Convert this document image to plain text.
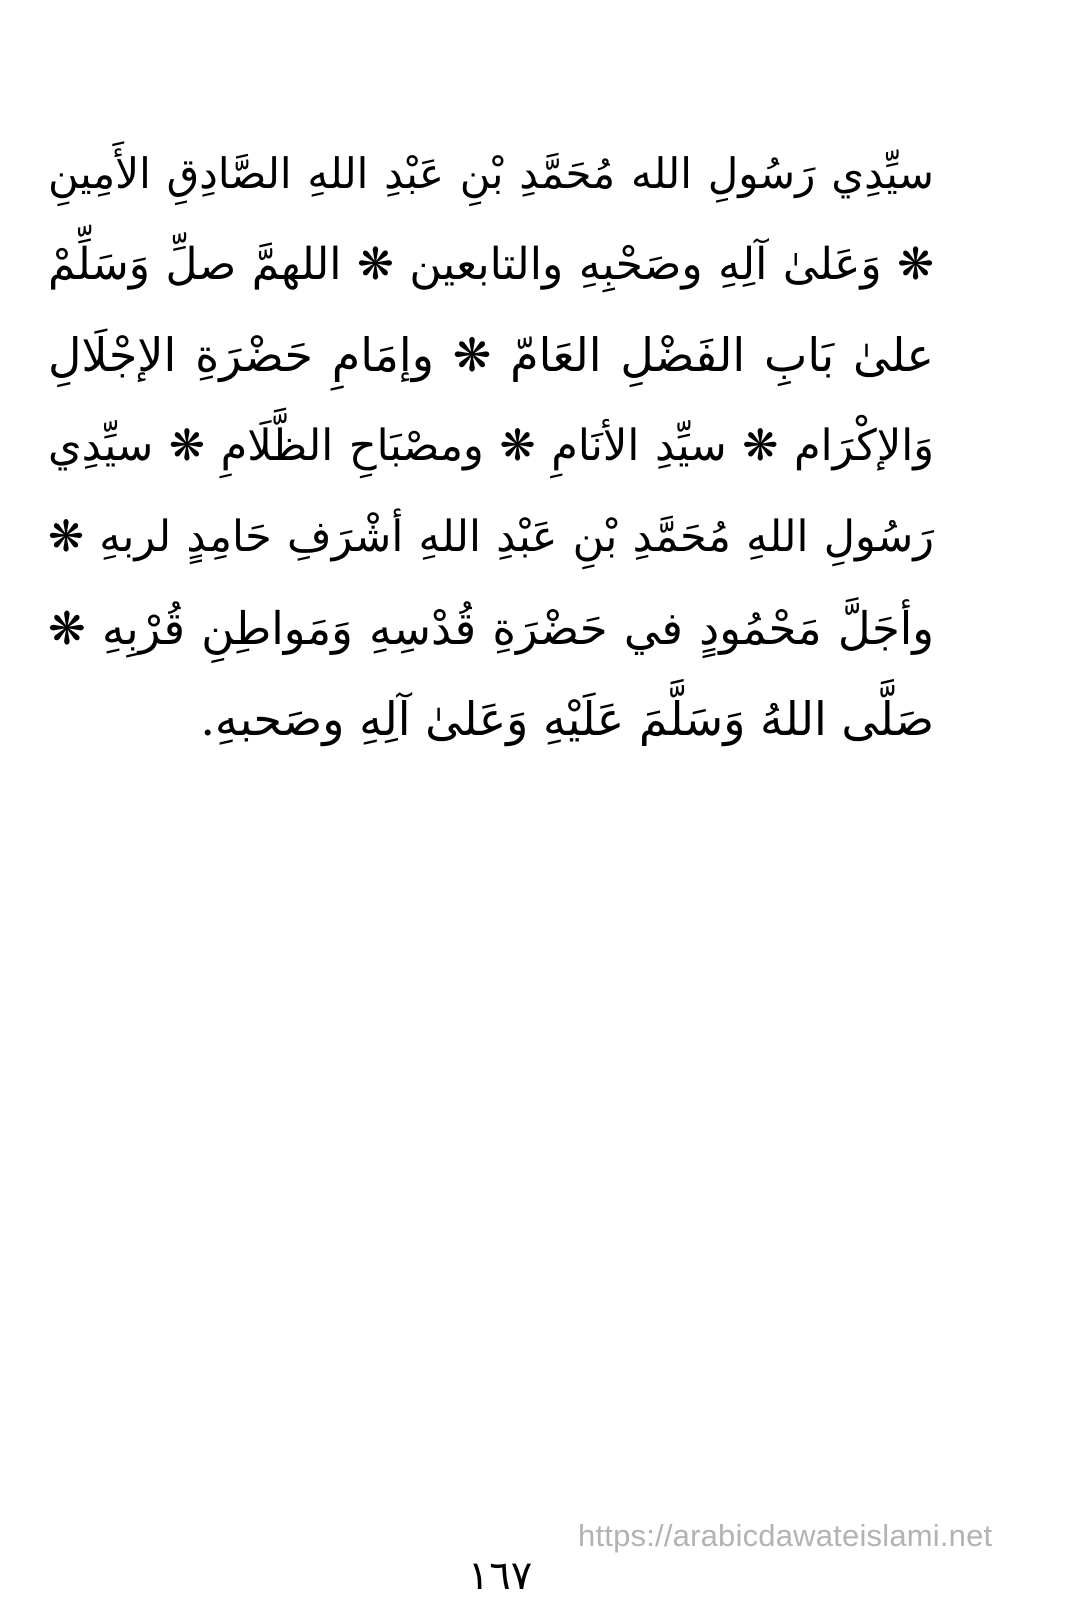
سيِّدِي رَسُولِ الله مُحَمَّدِ بْنِ عَبْدِ اللهِ الصَّادِقِ الأَمِينِ
❋ وَعَلىٰ آلِهِ وصَحْبِهِ والتابعين ❋ اللهمَّ صلِّ وَسَلِّمْ
علىٰ بَابِ الفَضْلِ العَامّ ❋ وإمَامِ حَضْرَةِ الإجْلَالِ
وَالإكْرَام ❋ سيِّدِ الأنَامِ ❋ ومصْبَاحِ الظَّلَامِ ❋ سيِّدِي
رَسُولِ اللهِ مُحَمَّدِ بْنِ عَبْدِ اللهِ أشْرَفِ حَامِدٍ لربهِ ❋
وأجَلَّ مَحْمُودٍ في حَضْرَةِ قُدْسِهِ وَمَواطِنِ قُرْبِهِ ❋
صَلَّى اللهُ وَسَلَّمَ عَلَيْهِ وَعَلىٰ آلِهِ وصَحبهِ.
https://arabicdawateislami.net
١٦٧
